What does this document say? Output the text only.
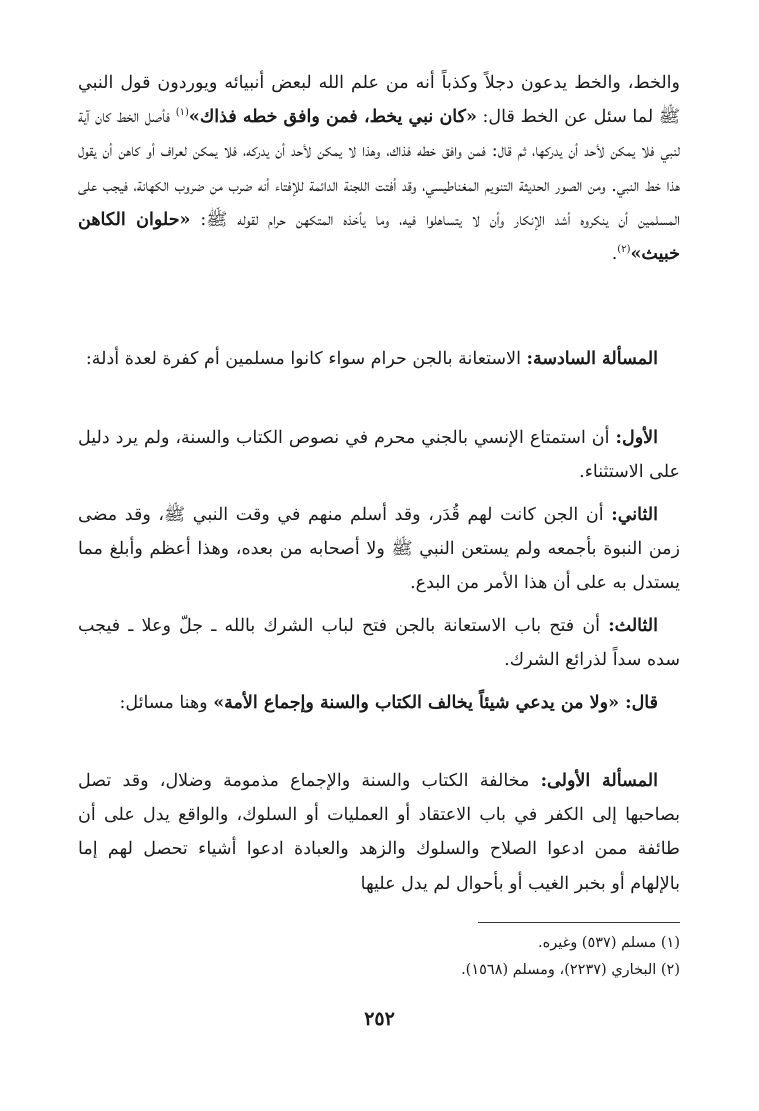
والخط، والخط يدعون دجلاً وكذباً أنه من علم الله لبعض أنبيائه ويوردون قول النبي ﷺ لما سئل عن الخط قال: «كان نبي يخط، فمن وافق خطه فذاك»$^{(١)}$ فأصل الخط كان آية لنبي فلا يمكن لأحد أن يدركها، ثم قال: فمن وافق خطه فذاك، وهذا لا يمكن لأحد أن يدركه، فلا يمكن لعراف أو كاهن أن يقول هذا خط النبي. ومن الصور الحديثة التنويم المغناطيسي، وقد أفتت اللجنة الدائمة للإفتاء أنه ضرب من ضروب الكهانة، فيجب على المسلمين أن ينكروه أشد الإنكار وأن لا يتساهلوا فيه، وما يأخذه المتكهن حرام لقوله ﷺ: «حلوان الكاهن خبيث»$^{(٢)}$.

المسألة السادسة: الاستعانة بالجن حرام سواء كانوا مسلمين أم كفرة لعدة أدلة:

الأول: أن استمتاع الإنسي بالجني محرم في نصوص الكتاب والسنة، ولم يرد دليل على الاستثناء.

الثاني: أن الجن كانت لهم قُدَر، وقد أسلم منهم في وقت النبي ﷺ، وقد مضى زمن النبوة بأجمعه ولم يستعن النبي ﷺ ولا أصحابه من بعده، وهذا أعظم وأبلغ مما يستدل به على أن هذا الأمر من البدع.

الثالث: أن فتح باب الاستعانة بالجن فتح لباب الشرك بالله ـ جلّ وعلا ـ فيجب سده سداً لذرائع الشرك.

قال: «ولا من يدعي شيئاً يخالف الكتاب والسنة وإجماع الأمة» وهنا مسائل:

المسألة الأولى: مخالفة الكتاب والسنة والإجماع مذمومة وضلال، وقد تصل بصاحبها إلى الكفر في باب الاعتقاد أو العمليات أو السلوك، والواقع يدل على أن طائفة ممن ادعوا الصلاح والسلوك والزهد والعبادة ادعوا أشياء تحصل لهم إما بالإلهام أو بخبر الغيب أو بأحوال لم يدل عليها

(١) مسلم (٥٣٧) وغيره.
(٢) البخاري (٢٢٣٧)، ومسلم (١٥٦٨).
٢٥٢
